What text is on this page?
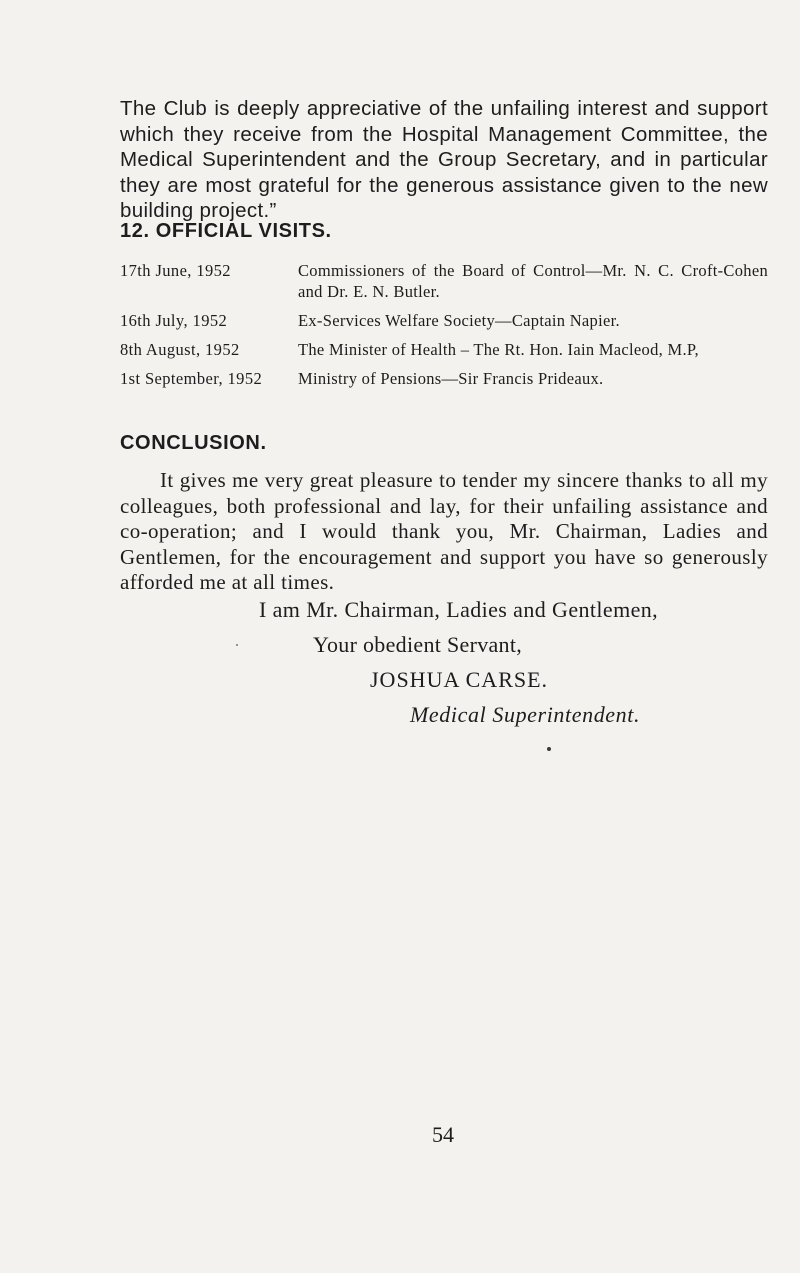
The Club is deeply appreciative of the unfailing interest and support which they receive from the Hospital Management Committee, the Medical Superintendent and the Group Secretary, and in particular they are most grateful for the generous assistance given to the new building project.”

12. OFFICIAL VISITS.
17th June, 1952	Commissioners of the Board of Control—Mr. N. C. Croft-Cohen and Dr. E. N. Butler.
16th July, 1952	Ex-Services Welfare Society—Captain Napier.
8th August, 1952	The Minister of Health – The Rt. Hon. Iain Macleod, M.P,
1st September, 1952	Ministry of Pensions—Sir Francis Prideaux.
CONCLUSION.

It gives me very great pleasure to tender my sincere thanks to all my colleagues, both professional and lay, for their unfailing assistance and co-operation; and I would thank you, Mr. Chairman, Ladies and Gentlemen, for the encouragement and support you have so generously afforded me at all times.

I am Mr. Chairman, Ladies and Gentlemen,

Your obedient Servant,

JOSHUA CARSE.

Medical Superintendent.

54
